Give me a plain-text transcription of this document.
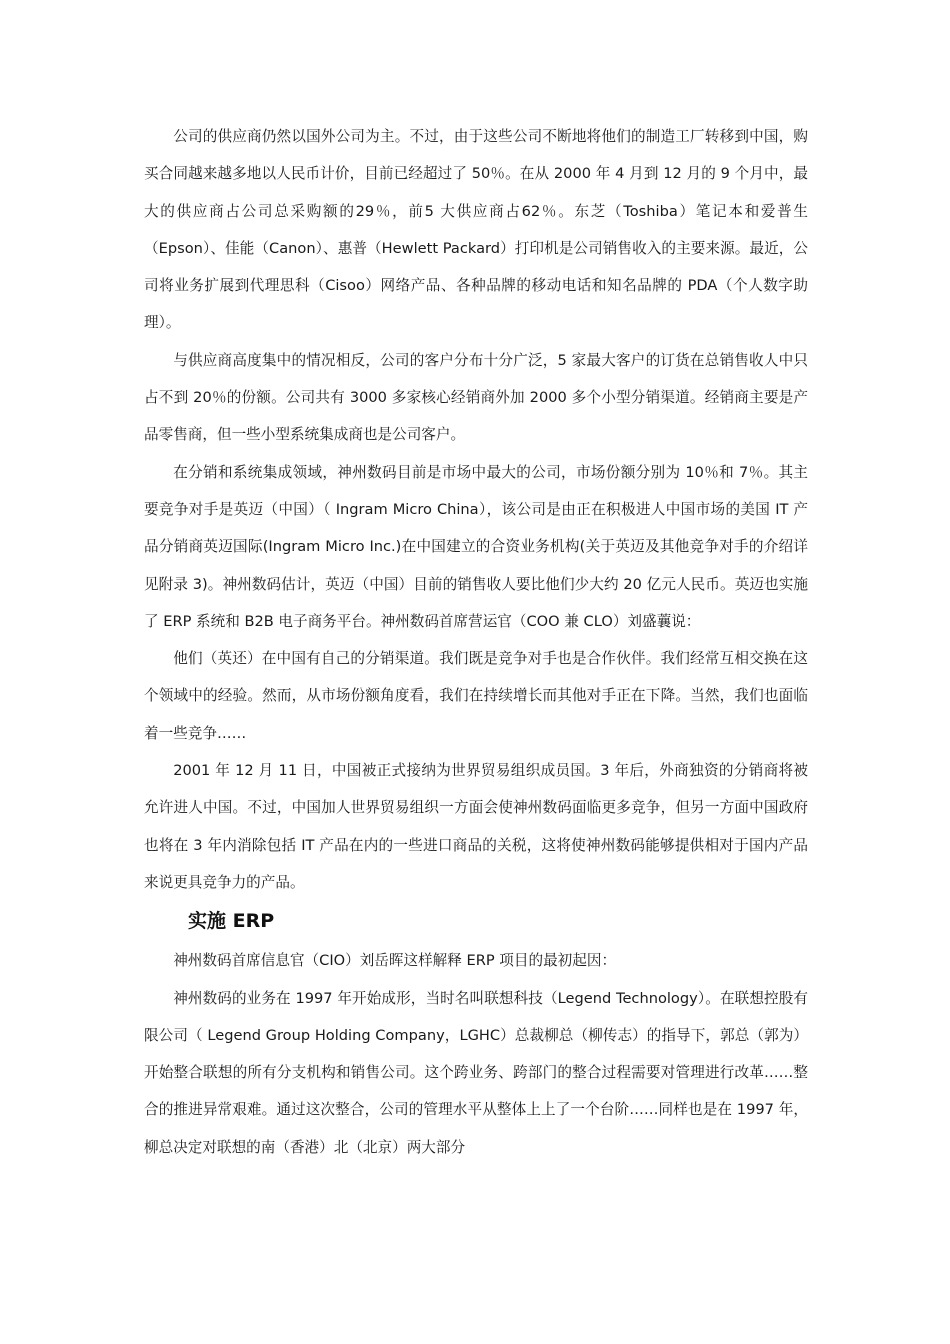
公司的供应商仍然以国外公司为主。不过，由于这些公司不断地将他们的制造工厂转移到中国，购买合同越来越多地以人民币计价，目前已经超过了 50％。在从 2000 年 4 月到 12 月的 9 个月中，最大的供应商占公司总采购额的29％，前5 大供应商占62％。东芝（Toshiba）笔记本和爱普生（Epson）、佳能（Canon）、惠普（Hewlett Packard）打印机是公司销售收入的主要来源。最近，公司将业务扩展到代理思科（Cisoo）网络产品、各种品牌的移动电话和知名品牌的 PDA（个人数字助理）。

与供应商高度集中的情况相反，公司的客户分布十分广泛，5 家最大客户的订货在总销售收人中只占不到 20％的份额。公司共有 3000 多家核心经销商外加 2000 多个小型分销渠道。经销商主要是产品零售商，但一些小型系统集成商也是公司客户。

在分销和系统集成领域，神州数码目前是市场中最大的公司，市场份额分别为 10％和 7％。其主要竞争对手是英迈（中国）（ Ingram Micro China），该公司是由正在积极进人中国市场的美国 IT 产品分销商英迈国际(Ingram Micro Inc.)在中国建立的合资业务机构(关于英迈及其他竞争对手的介绍详见附录 3)。神州数码估计，英迈（中国）目前的销售收人要比他们少大约 20 亿元人民币。英迈也实施了 ERP 系统和 B2B 电子商务平台。神州数码首席营运官（COO 兼 CLO）刘盛蘘说：

他们（英还）在中国有自己的分销渠道。我们既是竞争对手也是合作伙伴。我们经常互相交换在这个领域中的经验。然而，从市场份额角度看，我们在持续增长而其他对手正在下降。当然，我们也面临着一些竞争……

2001 年 12 月 11 日，中国被正式接纳为世界贸易组织成员国。3 年后，外商独资的分销商将被允许进人中国。不过，中国加人世界贸易组织一方面会使神州数码面临更多竞争，但另一方面中国政府也将在 3 年内消除包括 IT 产品在内的一些进口商品的关税，这将使神州数码能够提供相对于国内产品来说更具竞争力的产品。

实施 ERP

神州数码首席信息官（CIO）刘岳晖这样解释 ERP 项目的最初起因：

神州数码的业务在 1997 年开始成形，当时名叫联想科技（Legend Technology）。在联想控股有限公司（ Legend Group Holding Company，LGHC）总裁柳总（柳传志）的指导下，郭总（郭为）开始整合联想的所有分支机构和销售公司。这个跨业务、跨部门的整合过程需要对管理进行改革……整合的推进异常艰难。通过这次整合，公司的管理水平从整体上上了一个台阶……同样也是在 1997 年，柳总决定对联想的南（香港）北（北京）两大部分
